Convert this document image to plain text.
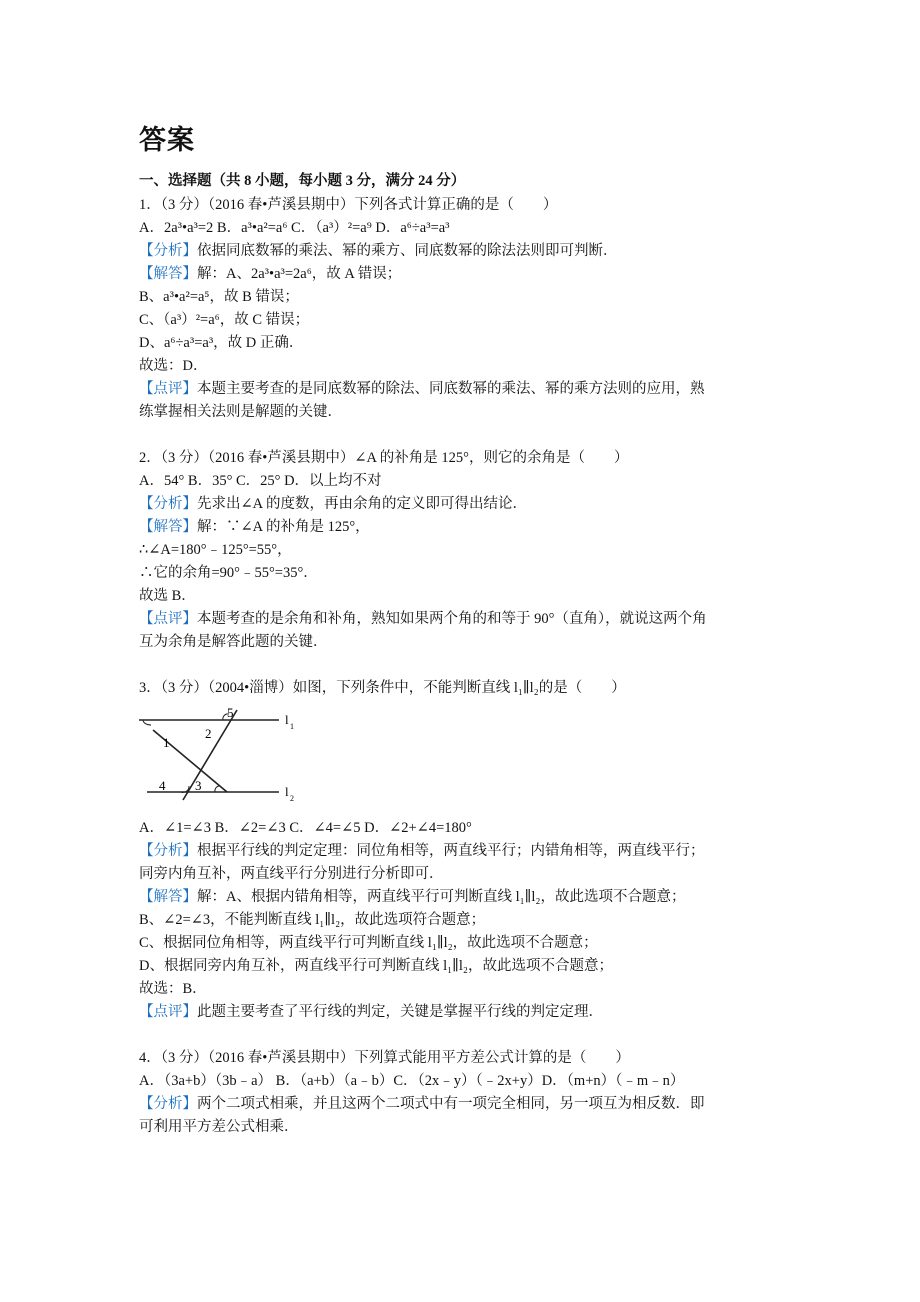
答案
一、选择题（共 8 小题，每小题 3 分，满分 24 分）
1．（3 分）（2016 春•芦溪县期中）下列各式计算正确的是（　　）
A．2a³•a³=2 B．a³•a²=a⁶ C．（a³）²=a⁹ D．a⁶÷a³=a³
【分析】依据同底数幂的乘法、幂的乘方、同底数幂的除法法则即可判断．
【解答】解：A、2a³•a³=2a⁶，故 A 错误；
B、a³•a²=a⁵，故 B 错误；
C、（a³）²=a⁶，故 C 错误；
D、a⁶÷a³=a³，故 D 正确．
故选：D．
【点评】本题主要考查的是同底数幂的除法、同底数幂的乘法、幂的乘方法则的应用，熟
练掌握相关法则是解题的关键．
2．（3 分）（2016 春•芦溪县期中）∠A 的补角是 125°，则它的余角是（　　）
A．54° B．35° C．25° D．以上均不对
【分析】先求出∠A 的度数，再由余角的定义即可得出结论．
【解答】解：∵∠A 的补角是 125°，
∴∠A=180°﹣125°=55°，
∴它的余角=90°﹣55°=35°．
故选 B．
【点评】本题考查的是余角和补角，熟知如果两个角的和等于 90°（直角），就说这两个角
互为余角是解答此题的关键．
3．（3 分）（2004•淄博）如图，下列条件中，不能判断直线 l₁∥l₂的是（　　）
5
1
2
4 3
l 1
l 2
A．∠1=∠3 B．∠2=∠3 C．∠4=∠5 D．∠2+∠4=180°
【分析】根据平行线的判定定理：同位角相等，两直线平行；内错角相等，两直线平行；
同旁内角互补，两直线平行分别进行分析即可．
【解答】解：A、根据内错角相等，两直线平行可判断直线 l₁∥l₂，故此选项不合题意；
B、∠2=∠3，不能判断直线 l₁∥l₂，故此选项符合题意；
C、根据同位角相等，两直线平行可判断直线 l₁∥l₂，故此选项不合题意；
D、根据同旁内角互补，两直线平行可判断直线 l₁∥l₂，故此选项不合题意；
故选：B．
【点评】此题主要考查了平行线的判定，关键是掌握平行线的判定定理．
4．（3 分）（2016 春•芦溪县期中）下列算式能用平方差公式计算的是（　　）
A．（3a+b）（3b﹣a） B．（a+b）（a﹣b）C．（2x﹣y）（﹣2x+y）D．（m+n）（﹣m﹣n）
【分析】两个二项式相乘，并且这两个二项式中有一项完全相同，另一项互为相反数．即
可利用平方差公式相乘．
